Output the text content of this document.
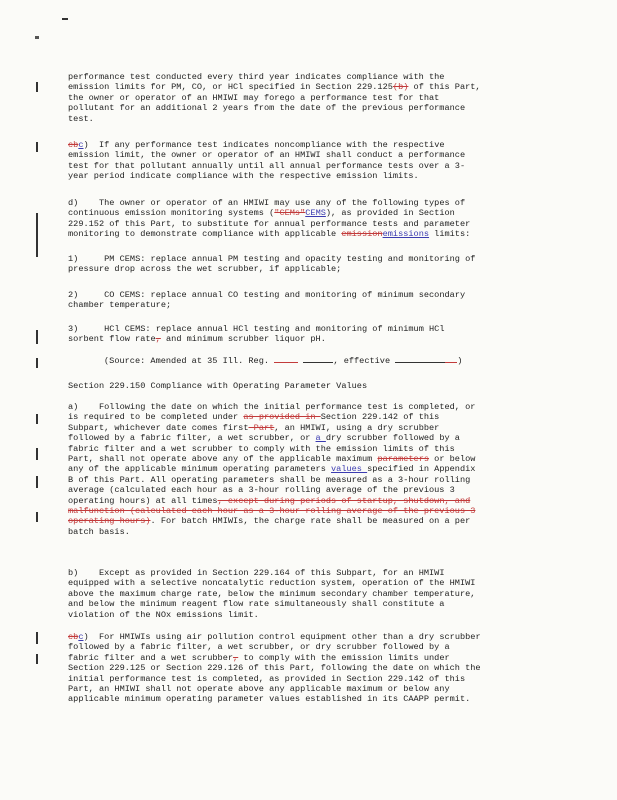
performance test conducted every third year indicates compliance with the

emission limits for PM, CO, or HCl specified in Section 229.125(b) of this Part,

the owner or operator of an HMIWI may forego a performance test for that

pollutant for an additional 2 years from the date of the previous performance

test.

cbc) If any performance test indicates noncompliance with the respective

emission limit, the owner or operator of an HMIWI shall conduct a performance

test for that pollutant annually until all annual performance tests over a 3-

year period indicate compliance with the respective emission limits.

d) The owner or operator of an HMIWI may use any of the following types of

continuous emission monitoring systems ("CEMs"CEMS), as provided in Section

229.152 of this Part, to substitute for annual performance tests and parameter

monitoring to demonstrate compliance with applicable emissionemissions limits:

1)	PM CEMS: replace annual PM testing and opacity testing and monitoring of

pressure drop across the wet scrubber, if applicable;

2)	CO CEMS: replace annual CO testing and monitoring of minimum secondary

chamber temperature;

3)	HCl CEMS: replace annual HCl testing and monitoring of minimum HCl

sorbent flow rate, and minimum scrubber liquor pH.

(Source: Amended at 35 Ill. Reg.	, effective	)

Section 229.150 Compliance with Operating Parameter Values

a) Following the date on which the initial performance test is completed, or

is required to be completed under as provided in Section 229.142 of this

Subpart, whichever date comes first Part, an HMIWI, using a dry scrubber

followed by a fabric filter, a wet scrubber, or a dry scrubber followed by a

fabric filter and a wet scrubber to comply with the emission limits of this

Part, shall not operate above any of the applicable maximum parameters or below

any of the applicable minimum operating parameters values specified in Appendix

B of this Part. All operating parameters shall be measured as a 3-hour rolling

average (calculated each hour as a 3-hour rolling average of the previous 3

operating hours) at all times, except during periods of startup, shutdown, and

malfunction (calculated each hour as a 3-hour rolling average of the previous 3

operating hours). For batch HMIWIs, the charge rate shall be measured on a per

batch basis.

b) Except as provided in Section 229.164 of this Subpart, for an HMIWI

equipped with a selective noncatalytic reduction system, operation of the HMIWI

above the maximum charge rate, below the minimum secondary chamber temperature,

and below the minimum reagent flow rate simultaneously shall constitute a

violation of the NOx emissions limit.

cbc) For HMIWIs using air pollution control equipment other than a dry scrubber

followed by a fabric filter, a wet scrubber, or dry scrubber followed by a

fabric filter and a wet scrubber, to comply with the emission limits under

Section 229.125 or Section 229.126 of this Part, following the date on which the

initial performance test is completed, as provided in Section 229.142 of this

Part, an HMIWI shall not operate above any applicable maximum or below any

applicable minimum operating parameter values established in its CAAPP permit.
